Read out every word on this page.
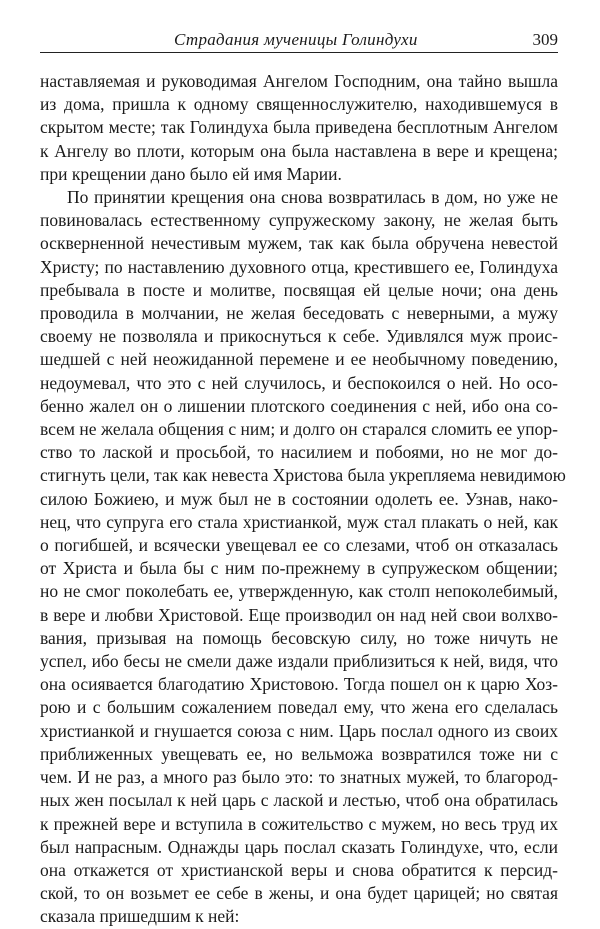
Страдания мученицы Голиндухи	309
наставляемая и руководимая Ангелом Господним, она тайно вышла
из дома, пришла к одному священнослужителю, находившемуся в
скрытом месте; так Голиндуха была приведена бесплотным Ангелом
к Ангелу во плоти, которым она была наставлена в вере и крещена;
при крещении дано было ей имя Марии.
По принятии крещения она снова возвратилась в дом, но уже не
повиновалась естественному супружескому закону, не желая быть
оскверненной нечестивым мужем, так как была обручена невестой
Христу; по наставлению духовного отца, крестившего ее, Голиндуха
пребывала в посте и молитве, посвящая ей целые ночи; она день
проводила в молчании, не желая беседовать с неверными, а мужу
своему не позволяла и прикоснуться к себе. Удивлялся муж проис-
шедшей с ней неожиданной перемене и ее необычному поведению,
недоумевал, что это с ней случилось, и беспокоился о ней. Но осо-
бенно жалел он о лишении плотского соединения с ней, ибо она со-
всем не желала общения с ним; и долго он старался сломить ее упор-
ство то лаской и просьбой, то насилием и побоями, но не мог до-
стигнуть цели, так как невеста Христова была укрепляема невидимою
силою Божиею, и муж был не в состоянии одолеть ее. Узнав, нако-
нец, что супруга его стала христианкой, муж стал плакать о ней, как
о погибшей, и всячески увещевал ее со слезами, чтоб он отказалась
от Христа и была бы с ним по-прежнему в супружеском общении;
но не смог поколебать ее, утвержденную, как столп непоколебимый,
в вере и любви Христовой. Еще производил он над ней свои волхво-
вания, призывая на помощь бесовскую силу, но тоже ничуть не
успел, ибо бесы не смели даже издали приблизиться к ней, видя, что
она осиявается благодатию Христовою. Тогда пошел он к царю Хоз-
рою и с большим сожалением поведал ему, что жена его сделалась
христианкой и гнушается союза с ним. Царь послал одного из своих
приближенных увещевать ее, но вельможа возвратился тоже ни с
чем. И не раз, а много раз было это: то знатных мужей, то благород-
ных жен посылал к ней царь с лаской и лестью, чтоб она обратилась
к прежней вере и вступила в сожительство с мужем, но весь труд их
был напрасным. Однажды царь послал сказать Голиндухе, что, если
она откажется от христианской веры и снова обратится к персид-
ской, то он возьмет ее себе в жены, и она будет царицей; но святая
сказала пришедшим к ней:
